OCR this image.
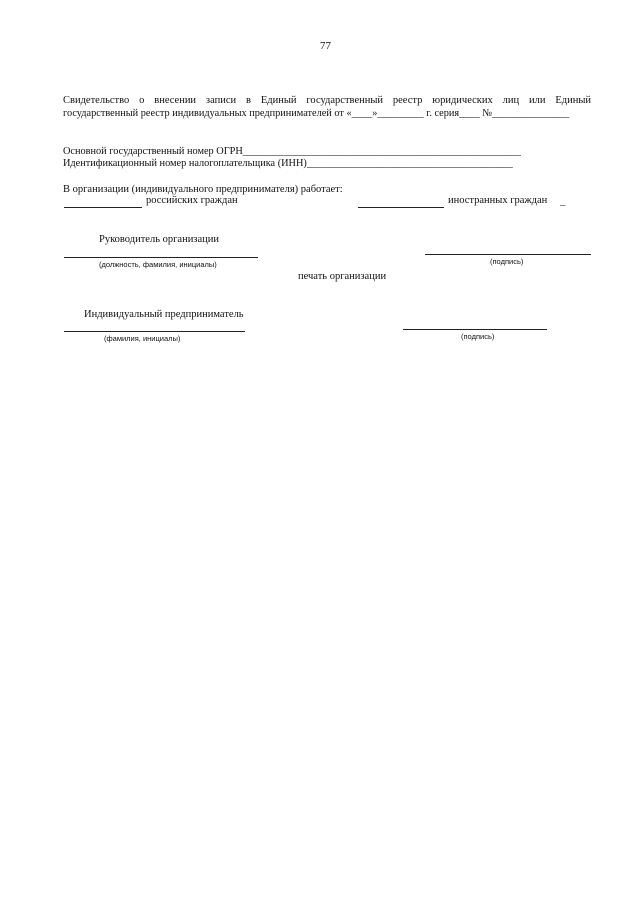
77
Свидетельство о внесении записи в Единый государственный реестр юридических лиц или Единый
государственный реестр индивидуальных предпринимателей от «____»_________ г. серия____ №_______________
Основной государственный номер ОГРН______________________________________________________
Идентификационный номер налогоплательщика (ИНН)________________________________________
В организации (индивидуального предпринимателя) работает:
российских граждан	иностранных граждан _
Руководитель организации
(должность, фамилия, инициалы)	(подпись)
печать организации
Индивидуальный предприниматель
(фамилия, инициалы)	(подпись)
